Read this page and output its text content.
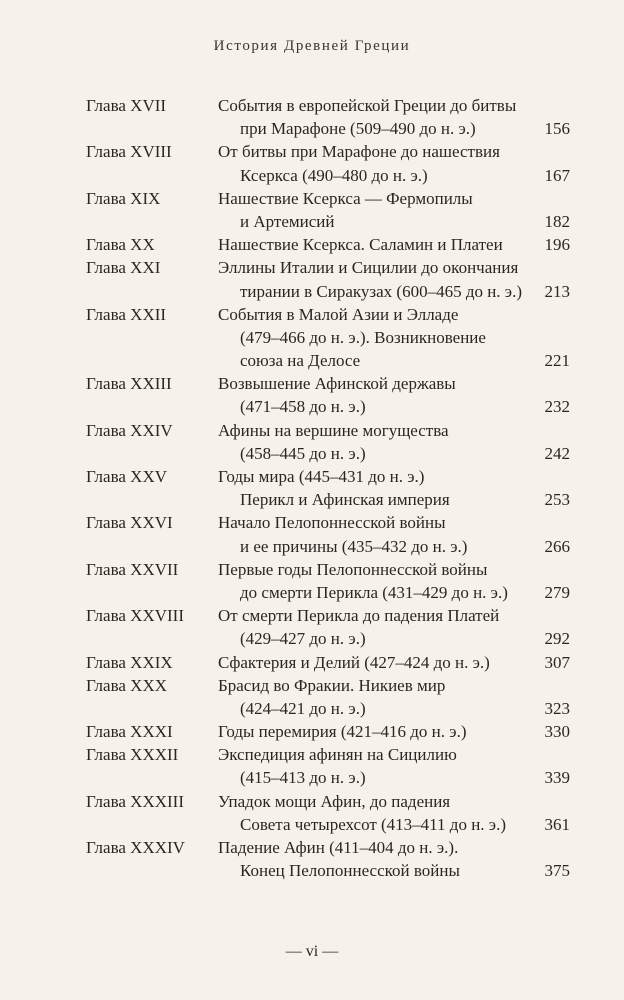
История Древней Греции
Глава XVII	События в европейской Греции до битвы
при Марафоне (509–490 до н. э.)	156
Глава XVIII	От битвы при Марафоне до нашествия
Ксеркса (490–480 до н. э.)	167
Глава XIX	Нашествие Ксеркса — Фермопилы
и Артемисий	182
Глава XX	Нашествие Ксеркса. Саламин и Платеи	196
Глава XXI	Эллины Италии и Сицилии до окончания
тирании в Сиракузах (600–465 до н. э.)	213
Глава XXII	События в Малой Азии и Элладе
(479–466 до н. э.). Возникновение
союза на Делосе	221
Глава XXIII	Возвышение Афинской державы
(471–458 до н. э.)	232
Глава XXIV	Афины на вершине могущества
(458–445 до н. э.)	242
Глава XXV	Годы мира (445–431 до н. э.)
Перикл и Афинская империя	253
Глава XXVI	Начало Пелопоннесской войны
и ее причины (435–432 до н. э.)	266
Глава XXVII	Первые годы Пелопоннесской войны
до смерти Перикла (431–429 до н. э.)	279
Глава XXVIII	От смерти Перикла до падения Платей
(429–427 до н. э.)	292
Глава XXIX	Сфактерия и Делий (427–424 до н. э.)	307
Глава XXX	Брасид во Фракии. Никиев мир
(424–421 до н. э.)	323
Глава XXXI	Годы перемирия (421–416 до н. э.)	330
Глава XXXII	Экспедиция афинян на Сицилию
(415–413 до н. э.)	339
Глава XXXIII	Упадок мощи Афин, до падения
Совета четырехсот (413–411 до н. э.)	361
Глава XXXIV	Падение Афин (411–404 до н. э.).
Конец Пелопоннесской войны	375
— vi —
